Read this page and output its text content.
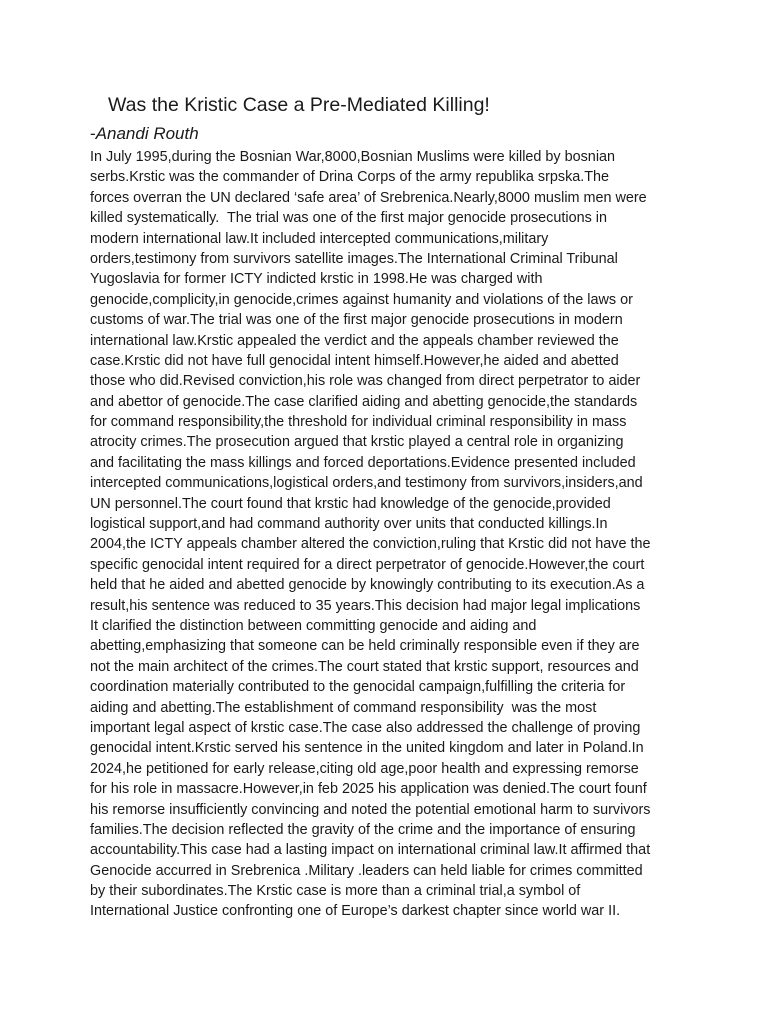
Was the Kristic Case a Pre-Mediated Killing!
-Anandi Routh
In July 1995,during the Bosnian War,8000,Bosnian Muslims were killed by bosnian
serbs.Krstic was the commander of Drina Corps of the army republika srpska.The
forces overran the UN declared ‘safe area’ of Srebrenica.Nearly,8000 muslim men were
killed systematically.  The trial was one of the first major genocide prosecutions in
modern international law.It included intercepted communications,military
orders,testimony from survivors satellite images.The International Criminal Tribunal
Yugoslavia for former ICTY indicted krstic in 1998.He was charged with
genocide,complicity,in genocide,crimes against humanity and violations of the laws or
customs of war.The trial was one of the first major genocide prosecutions in modern
international law.Krstic appealed the verdict and the appeals chamber reviewed the
case.Krstic did not have full genocidal intent himself.However,he aided and abetted
those who did.Revised conviction,his role was changed from direct perpetrator to aider
and abettor of genocide.The case clarified aiding and abetting genocide,the standards
for command responsibility,the threshold for individual criminal responsibility in mass
atrocity crimes.The prosecution argued that krstic played a central role in organizing
and facilitating the mass killings and forced deportations.Evidence presented included
intercepted communications,logistical orders,and testimony from survivors,insiders,and
UN personnel.The court found that krstic had knowledge of the genocide,provided
logistical support,and had command authority over units that conducted killings.In
2004,the ICTY appeals chamber altered the conviction,ruling that Krstic did not have the
specific genocidal intent required for a direct perpetrator of genocide.However,the court
held that he aided and abetted genocide by knowingly contributing to its execution.As a
result,his sentence was reduced to 35 years.This decision had major legal implications
It clarified the distinction between committing genocide and aiding and
abetting,emphasizing that someone can be held criminally responsible even if they are
not the main architect of the crimes.The court stated that krstic support, resources and
coordination materially contributed to the genocidal campaign,fulfilling the criteria for
aiding and abetting.The establishment of command responsibility  was the most
important legal aspect of krstic case.The case also addressed the challenge of proving
genocidal intent.Krstic served his sentence in the united kingdom and later in Poland.In
2024,he petitioned for early release,citing old age,poor health and expressing remorse
for his role in massacre.However,in feb 2025 his application was denied.The court founf
his remorse insufficiently convincing and noted the potential emotional harm to survivors
families.The decision reflected the gravity of the crime and the importance of ensuring
accountability.This case had a lasting impact on international criminal law.It affirmed that
Genocide accurred in Srebrenica .Military .leaders can held liable for crimes committed
by their subordinates.The Krstic case is more than a criminal trial,a symbol of
International Justice confronting one of Europe’s darkest chapter since world war II.
